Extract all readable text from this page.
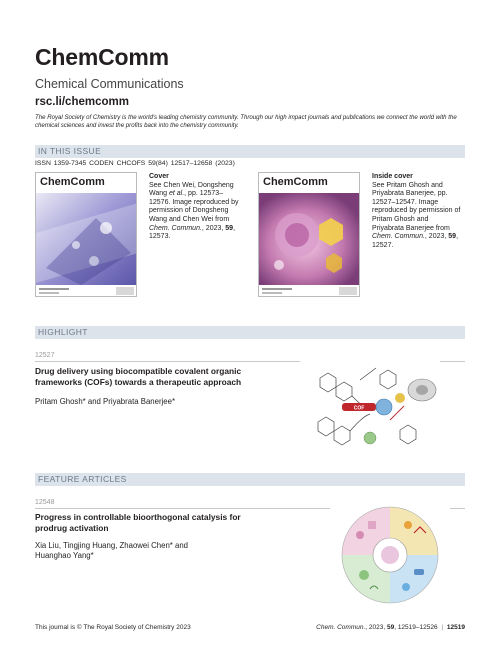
ChemComm
Chemical Communications
rsc.li/chemcomm
The Royal Society of Chemistry is the world's leading chemistry community. Through our high impact journals and publications we connect the world with the chemical sciences and invest the profits back into the chemistry community.
IN THIS ISSUE
ISSN 1359-7345 CODEN CHCOFS 59(84) 12517–12658 (2023)
ChemComm	Cover
See Chen Wei, Dongsheng Wang et al., pp. 12573–12576. Image reproduced by permission of Dongsheng Wang and Chen Wei from Chem. Commun., 2023, 59, 12573.
ChemComm	Inside cover
See Pritam Ghosh and Priyabrata Banerjee, pp. 12527–12547. Image reproduced by permission of Pritam Ghosh and Priyabrata Banerjee from Chem. Commun., 2023, 59, 12527.
HIGHLIGHT
12527
Drug delivery using biocompatible covalent organic frameworks (COFs) towards a therapeutic approach
Pritam Ghosh* and Priyabrata Banerjee*
COF
FEATURE ARTICLES
12548
Progress in controllable bioorthogonal catalysis for prodrug activation
Xia Liu, Tingjing Huang, Zhaowei Chen* and Huanghao Yang*
This journal is © The Royal Society of Chemistry 2023	Chem. Commun., 2023, 59, 12519–12526 | 12519
